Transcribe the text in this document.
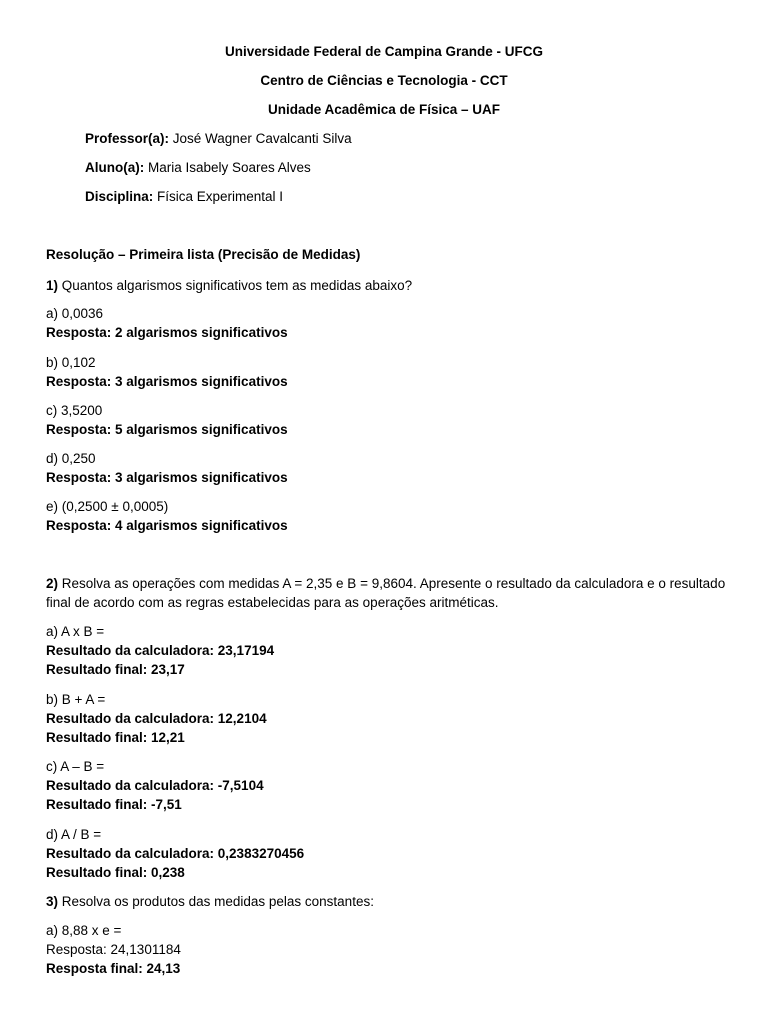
Universidade Federal de Campina Grande - UFCG

Centro de Ciências e Tecnologia - CCT

Unidade Acadêmica de Física – UAF

Professor(a): José Wagner Cavalcanti Silva

Aluno(a): Maria Isabely Soares Alves

Disciplina: Física Experimental I

Resolução – Primeira lista (Precisão de Medidas)

1) Quantos algarismos significativos tem as medidas abaixo?

a) 0,0036

Resposta: 2 algarismos significativos

b) 0,102

Resposta: 3 algarismos significativos

c) 3,5200

Resposta: 5 algarismos significativos

d) 0,250

Resposta: 3 algarismos significativos

e) (0,2500 ± 0,0005)

Resposta: 4 algarismos significativos

2) Resolva as operações com medidas A = 2,35 e B = 9,8604. Apresente o resultado da calculadora e o resultado final de acordo com as regras estabelecidas para as operações aritméticas.

a) A x B =

Resultado da calculadora: 23,17194

Resultado final: 23,17

b) B + A =

Resultado da calculadora: 12,2104

Resultado final: 12,21

c) A – B =

Resultado da calculadora: -7,5104

Resultado final: -7,51

d) A / B =

Resultado da calculadora: 0,2383270456

Resultado final: 0,238

3) Resolva os produtos das medidas pelas constantes:

a) 8,88 x e =

Resposta: 24,1301184

Resposta final: 24,13
